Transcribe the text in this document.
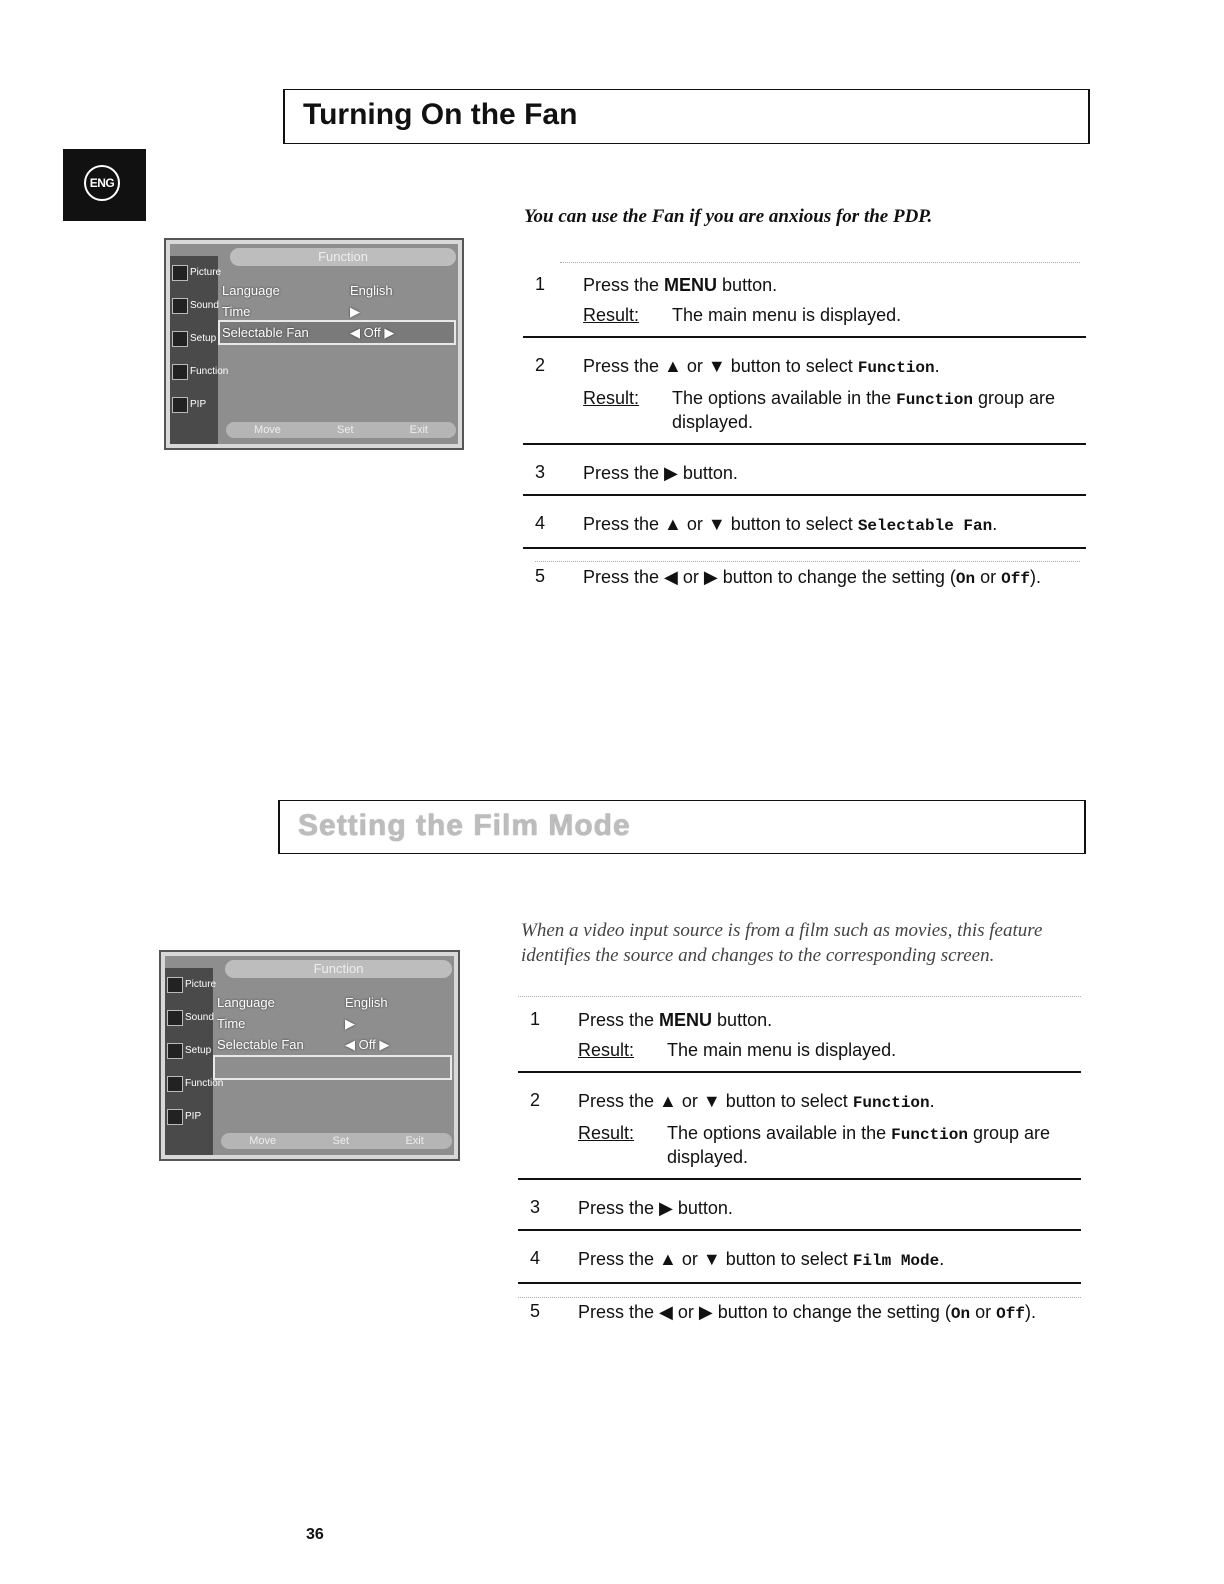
ENG
Turning On the Fan
You can use the Fan if you are anxious for the PDP.
Picture
Sound
Setup
Function
PIP
Function
Language	English
Time	▶
Selectable Fan	◀ Off ▶
Move	Set	Exit
1 Press the MENU button.
Result:	The main menu is displayed.
2 Press the ▲ or ▼ button to select Function.
Result:	The options available in the Function group are displayed.
3 Press the ▶ button.
4 Press the ▲ or ▼ button to select Selectable Fan.
5 Press the ◀ or ▶ button to change the setting (On or Off).
Setting the Film Mode
When a video input source is from a film such as movies, this feature identifies the source and changes to the corresponding screen.
Picture
Sound
Setup
Function
PIP
Function
Language	English
Time	▶
Selectable Fan	◀ Off ▶
Move	Set	Exit
1 Press the MENU button.
Result:	The main menu is displayed.
2 Press the ▲ or ▼ button to select Function.
Result:	The options available in the Function group are displayed.
3 Press the ▶ button.
4 Press the ▲ or ▼ button to select Film Mode.
5 Press the ◀ or ▶ button to change the setting (On or Off).
36
